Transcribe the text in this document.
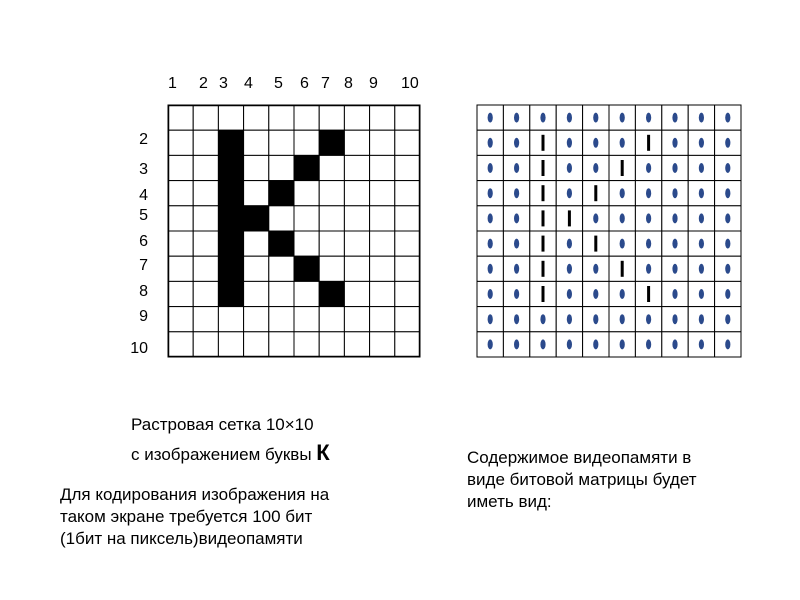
1 2 3 4 5 6 7 8 9 10
2
3
4
5
6
7
8
9
10
Растровая сетка 10×10
с изображением буквы К
Для кодирования изображения на
таком экране требуется 100 бит
(1бит на пиксель)видеопамяти
Содержимое видеопамяти в
виде битовой матрицы будет
иметь вид:
